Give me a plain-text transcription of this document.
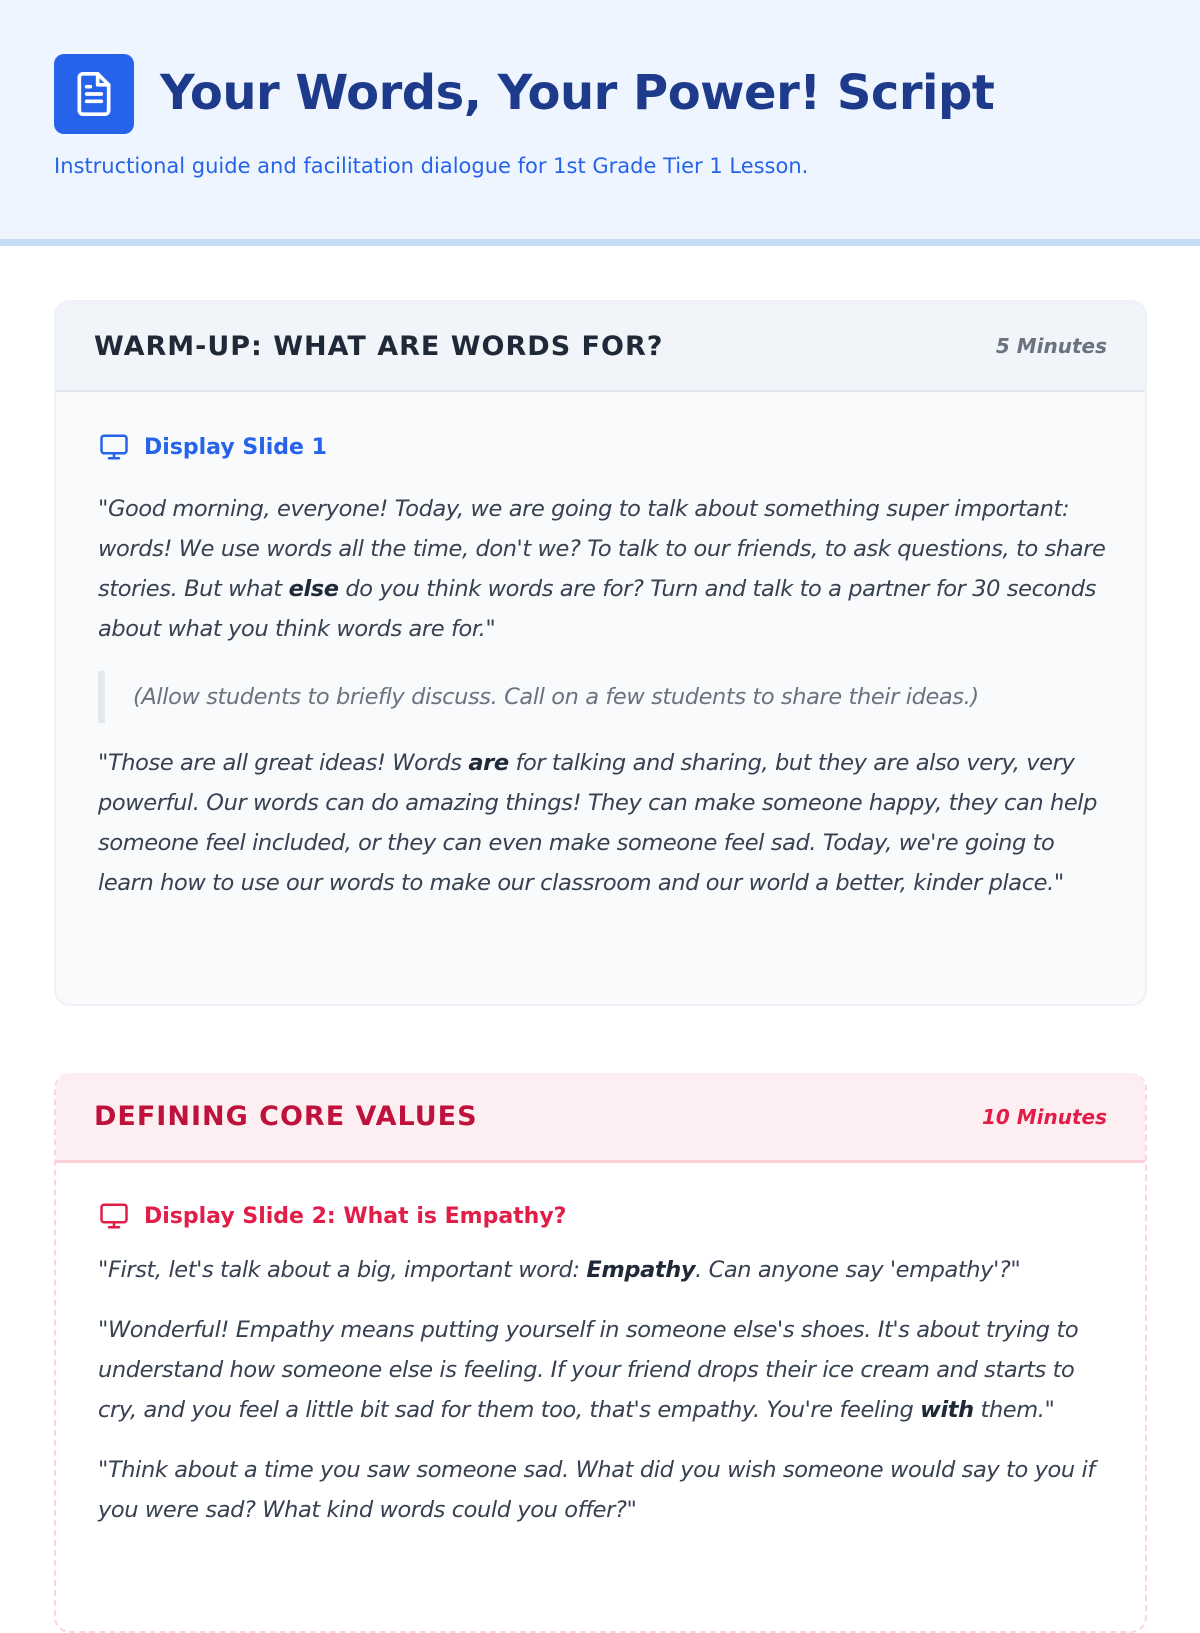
Your Words, Your Power! Script
Instructional guide and facilitation dialogue for 1st Grade Tier 1 Lesson.
WARM-UP: WHAT ARE WORDS FOR?	5 Minutes
Display Slide 1

"Good morning, everyone! Today, we are going to talk about something super important: words! We use words all the time, don't we? To talk to our friends, to ask questions, to share stories. But what else do you think words are for? Turn and talk to a partner for 30 seconds about what you think words are for."

(Allow students to briefly discuss. Call on a few students to share their ideas.)

"Those are all great ideas! Words are for talking and sharing, but they are also very, very powerful. Our words can do amazing things! They can make someone happy, they can help someone feel included, or they can even make someone feel sad. Today, we're going to learn how to use our words to make our classroom and our world a better, kinder place."

DEFINING CORE VALUES	10 Minutes
Display Slide 2: What is Empathy?

"First, let's talk about a big, important word: Empathy. Can anyone say 'empathy'?"

"Wonderful! Empathy means putting yourself in someone else's shoes. It's about trying to understand how someone else is feeling. If your friend drops their ice cream and starts to cry, and you feel a little bit sad for them too, that's empathy. You're feeling with them."

"Think about a time you saw someone sad. What did you wish someone would say to you if you were sad? What kind words could you offer?"
